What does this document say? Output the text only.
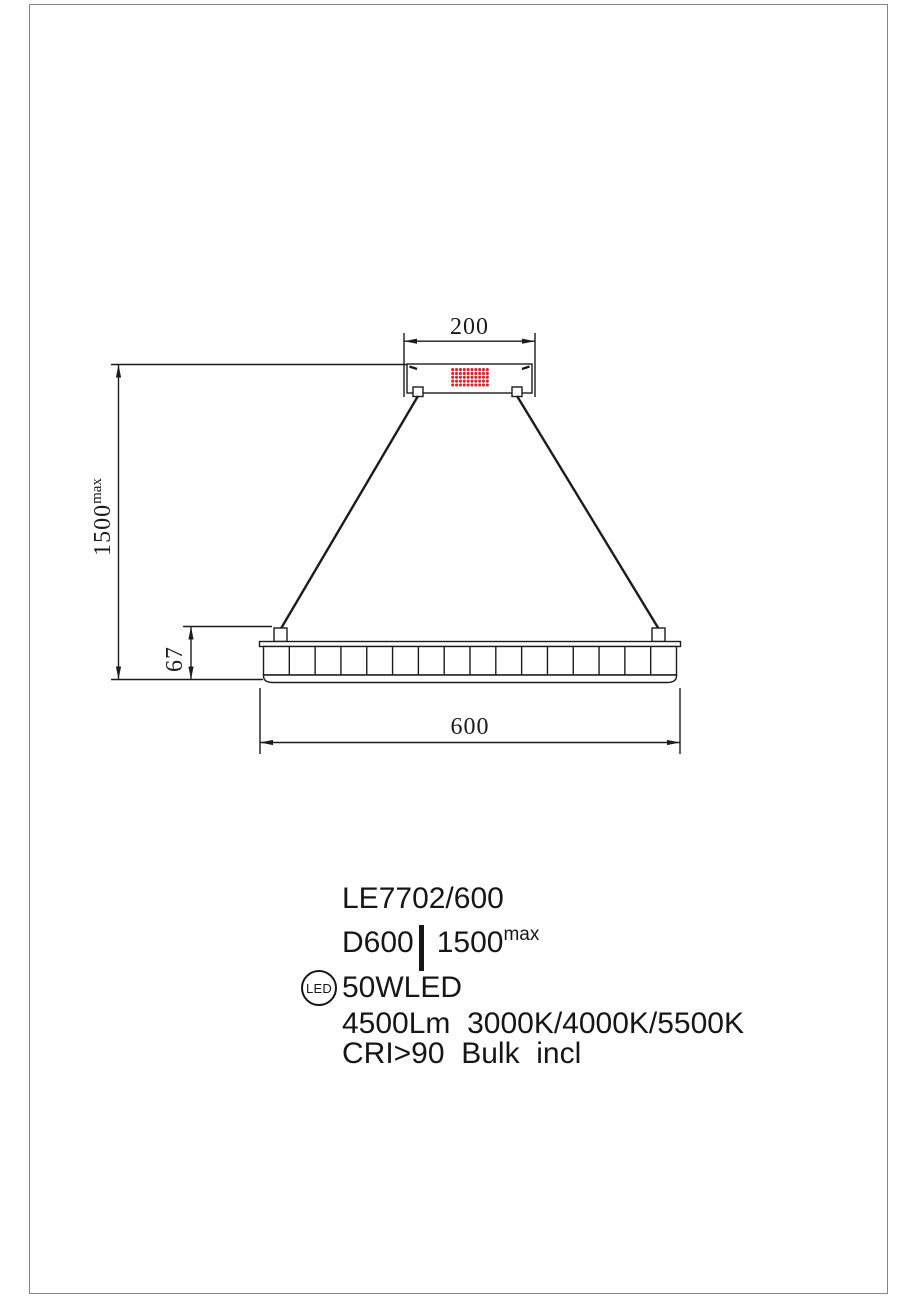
200
600
$1500^{max}$
67
LE7702/600
D600 $1500^{max}$
LED 50WLED
4500Lm  3000K/4000K/5500K
CRI>90  Bulk  incl
